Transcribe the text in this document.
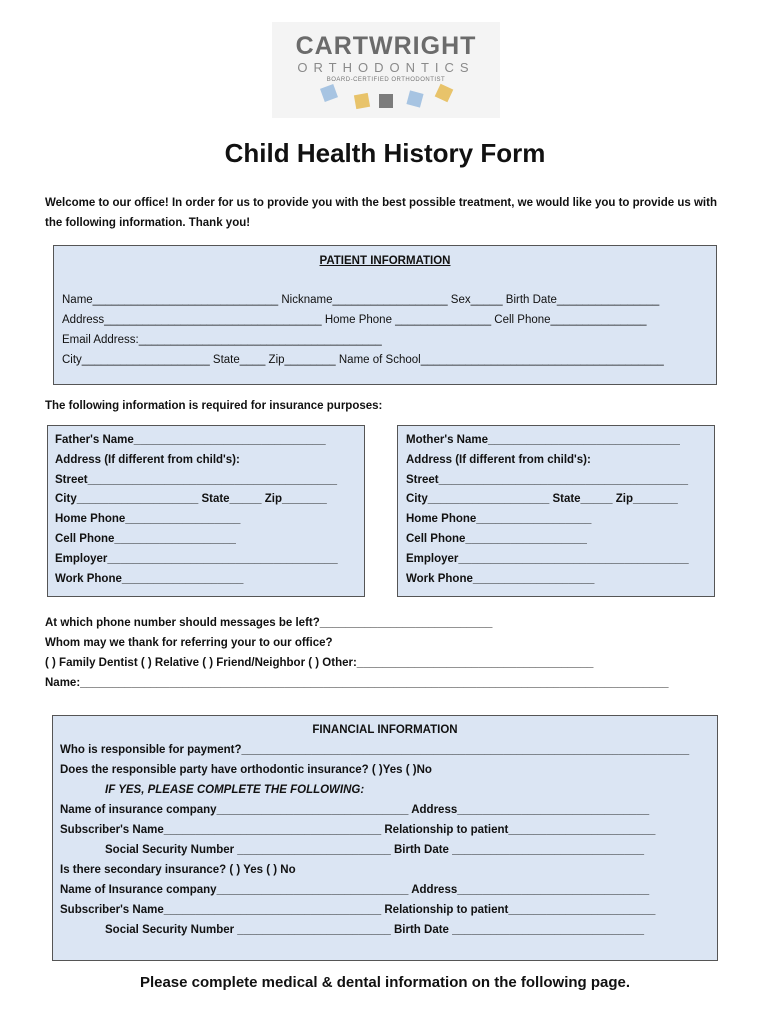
CARTWRIGHT
ORTHODONTICS
BOARD-CERTIFIED ORTHODONTIST
Child Health History Form
Welcome to our office! In order for us to provide you with the best possible treatment, we would like you to provide us with the following information. Thank you!
PATIENT INFORMATION
Name_____________________________ Nickname__________________ Sex_____ Birth Date________________
Address__________________________________ Home Phone _______________ Cell Phone_______________
Email Address:______________________________________
City____________________ State____ Zip________ Name of School______________________________________
The following information is required for insurance purposes:
Father's Name______________________________
Address (If different from child's):
Street_______________________________________
City___________________ State_____ Zip_______
Home Phone__________________
Cell Phone___________________
Employer____________________________________
Work Phone___________________
Mother's Name______________________________
Address (If different from child's):
Street_______________________________________
City___________________ State_____ Zip_______
Home Phone__________________
Cell Phone___________________
Employer____________________________________
Work Phone___________________
At which phone number should messages be left?___________________________
Whom may we thank for referring your to our office?
( ) Family Dentist ( ) Relative ( ) Friend/Neighbor ( ) Other:_____________________________________
Name:____________________________________________________________________________________________
FINANCIAL INFORMATION
Who is responsible for payment?______________________________________________________________________
Does the responsible party have orthodontic insurance? ( )Yes ( )No
IF YES, PLEASE COMPLETE THE FOLLOWING:
Name of insurance company______________________________ Address______________________________
Subscriber's Name__________________________________ Relationship to patient_______________________
Social Security Number ________________________ Birth Date ______________________________
Is there secondary insurance? ( ) Yes ( ) No
Name of Insurance company______________________________ Address______________________________
Subscriber's Name__________________________________ Relationship to patient_______________________
Social Security Number ________________________ Birth Date ______________________________
Please complete medical & dental information on the following page.
